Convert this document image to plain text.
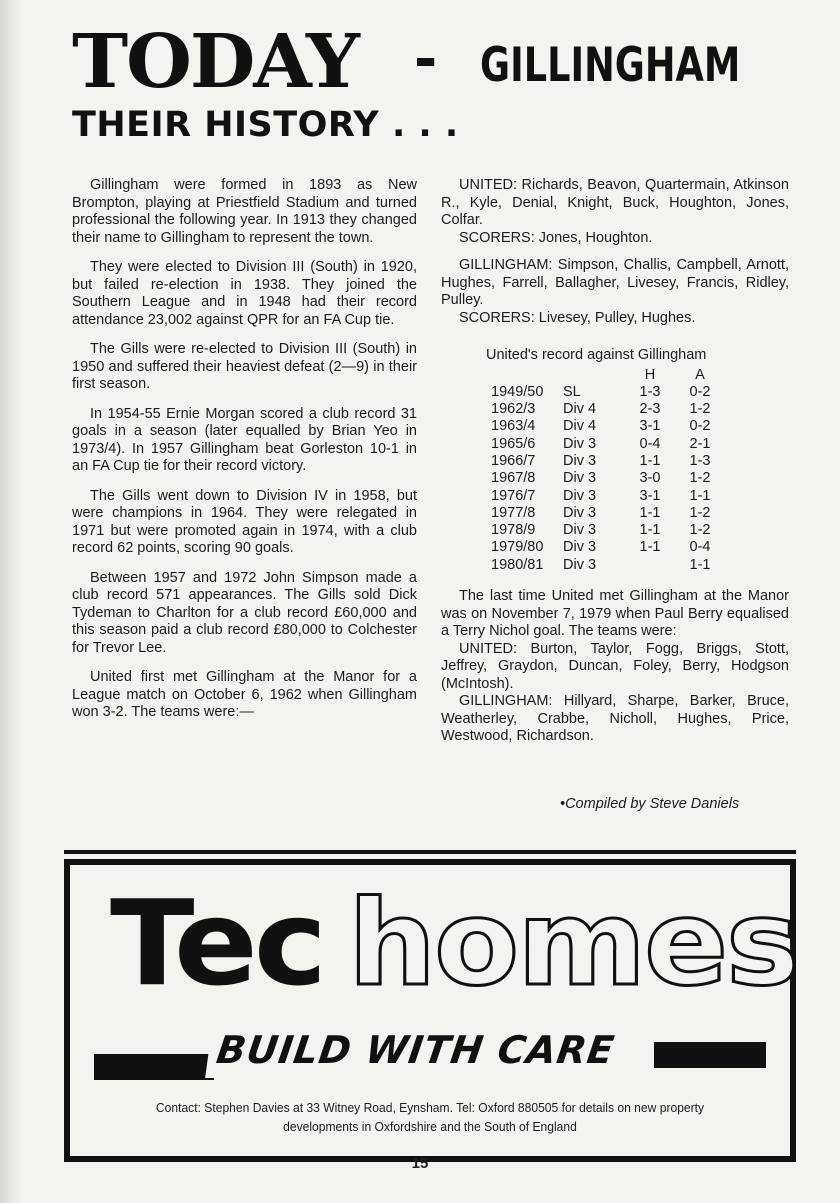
TODAY - GILLINGHAM
THEIR HISTORY . . .

Gillingham were formed in 1893 as New Brompton, playing at Priestfield Stadium and turned professional the following year. In 1913 they changed their name to Gillingham to represent the town.

They were elected to Division III (South) in 1920, but failed re-election in 1938. They joined the Southern League and in 1948 had their record attendance 23,002 against QPR for an FA Cup tie.

The Gills were re-elected to Division III (South) in 1950 and suffered their heaviest defeat (2—9) in their first season.

In 1954-55 Ernie Morgan scored a club record 31 goals in a season (later equalled by Brian Yeo in 1973/4). In 1957 Gillingham beat Gorleston 10-1 in an FA Cup tie for their record victory.

The Gills went down to Division IV in 1958, but were champions in 1964. They were relegated in 1971 but were promoted again in 1974, with a club record 62 points, scoring 90 goals.

Between 1957 and 1972 John Simpson made a club record 571 appearances. The Gills sold Dick Tydeman to Charlton for a club record £60,000 and this season paid a club record £80,000 to Colchester for Trevor Lee.

United first met Gillingham at the Manor for a League match on October 6, 1962 when Gillingham won 3-2. The teams were:—

UNITED: Richards, Beavon, Quartermain, Atkinson R., Kyle, Denial, Knight, Buck, Houghton, Jones, Colfar.
SCORERS: Jones, Houghton.
GILLINGHAM: Simpson, Challis, Campbell, Arnott, Hughes, Farrell, Ballagher, Livesey, Francis, Ridley, Pulley.
SCORERS: Livesey, Pulley, Hughes.
United's record against Gillingham
		H	A
1949/50	SL	1-3	0-2
1962/3	Div 4	2-3	1-2
1963/4	Div 4	3-1	0-2
1965/6	Div 3	0-4	2-1
1966/7	Div 3	1-1	1-3
1967/8	Div 3	3-0	1-2
1976/7	Div 3	3-1	1-1
1977/8	Div 3	1-1	1-2
1978/9	Div 3	1-1	1-2
1979/80	Div 3	1-1	0-4
1980/81	Div 3		1-1

The last time United met Gillingham at the Manor was on November 7, 1979 when Paul Berry equalised a Terry Nichol goal. The teams were:

UNITED: Burton, Taylor, Fogg, Briggs, Stott, Jeffrey, Graydon, Duncan, Foley, Berry, Hodgson (McIntosh).
GILLINGHAM: Hillyard, Sharpe, Barker, Bruce, Weatherley, Crabbe, Nicholl, Hughes, Price, Westwood, Richardson.
•Compiled by Steve Daniels
Tec homes
BUILD WITH CARE
Contact: Stephen Davies at 33 Witney Road, Eynsham. Tel: Oxford 880505 for details on new property
developments in Oxfordshire and the South of England
15
